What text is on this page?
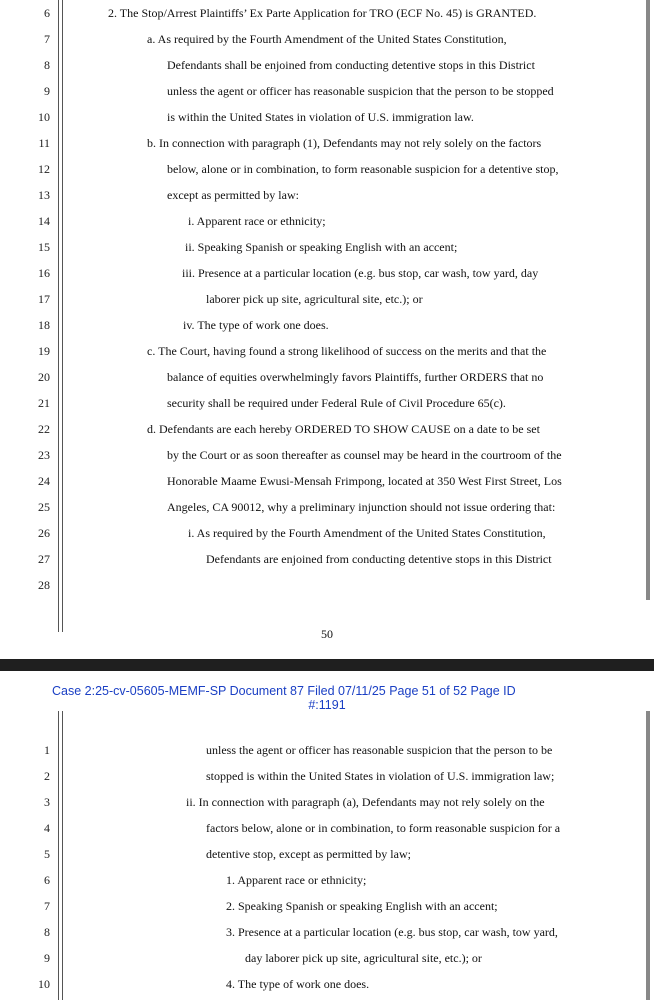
6
7
8
9
10
11
12
13
14
15
16
17
18
19
20
21
22
23
24
25
26
27
28
2. The Stop/Arrest Plaintiffs’ Ex Parte Application for TRO (ECF No. 45) is GRANTED.
a. As required by the Fourth Amendment of the United States Constitution,
Defendants shall be enjoined from conducting detentive stops in this District
unless the agent or officer has reasonable suspicion that the person to be stopped
is within the United States in violation of U.S. immigration law.
b. In connection with paragraph (1), Defendants may not rely solely on the factors
below, alone or in combination, to form reasonable suspicion for a detentive stop,
except as permitted by law:
i. Apparent race or ethnicity;
ii. Speaking Spanish or speaking English with an accent;
iii. Presence at a particular location (e.g. bus stop, car wash, tow yard, day
laborer pick up site, agricultural site, etc.); or
iv. The type of work one does.
c. The Court, having found a strong likelihood of success on the merits and that the
balance of equities overwhelmingly favors Plaintiffs, further ORDERS that no
security shall be required under Federal Rule of Civil Procedure 65(c).
d. Defendants are each hereby ORDERED TO SHOW CAUSE on a date to be set
by the Court or as soon thereafter as counsel may be heard in the courtroom of the
Honorable Maame Ewusi-Mensah Frimpong, located at 350 West First Street, Los
Angeles, CA 90012, why a preliminary injunction should not issue ordering that:
i. As required by the Fourth Amendment of the United States Constitution,
Defendants are enjoined from conducting detentive stops in this District
50
Case 2:25-cv-05605-MEMF-SP Document 87 Filed 07/11/25 Page 51 of 52 Page ID
#:1191
1
2
3
4
5
6
7
8
9
10
unless the agent or officer has reasonable suspicion that the person to be
stopped is within the United States in violation of U.S. immigration law;
ii. In connection with paragraph (a), Defendants may not rely solely on the
factors below, alone or in combination, to form reasonable suspicion for a
detentive stop, except as permitted by law;
1. Apparent race or ethnicity;
2. Speaking Spanish or speaking English with an accent;
3. Presence at a particular location (e.g. bus stop, car wash, tow yard,
day laborer pick up site, agricultural site, etc.); or
4. The type of work one does.
